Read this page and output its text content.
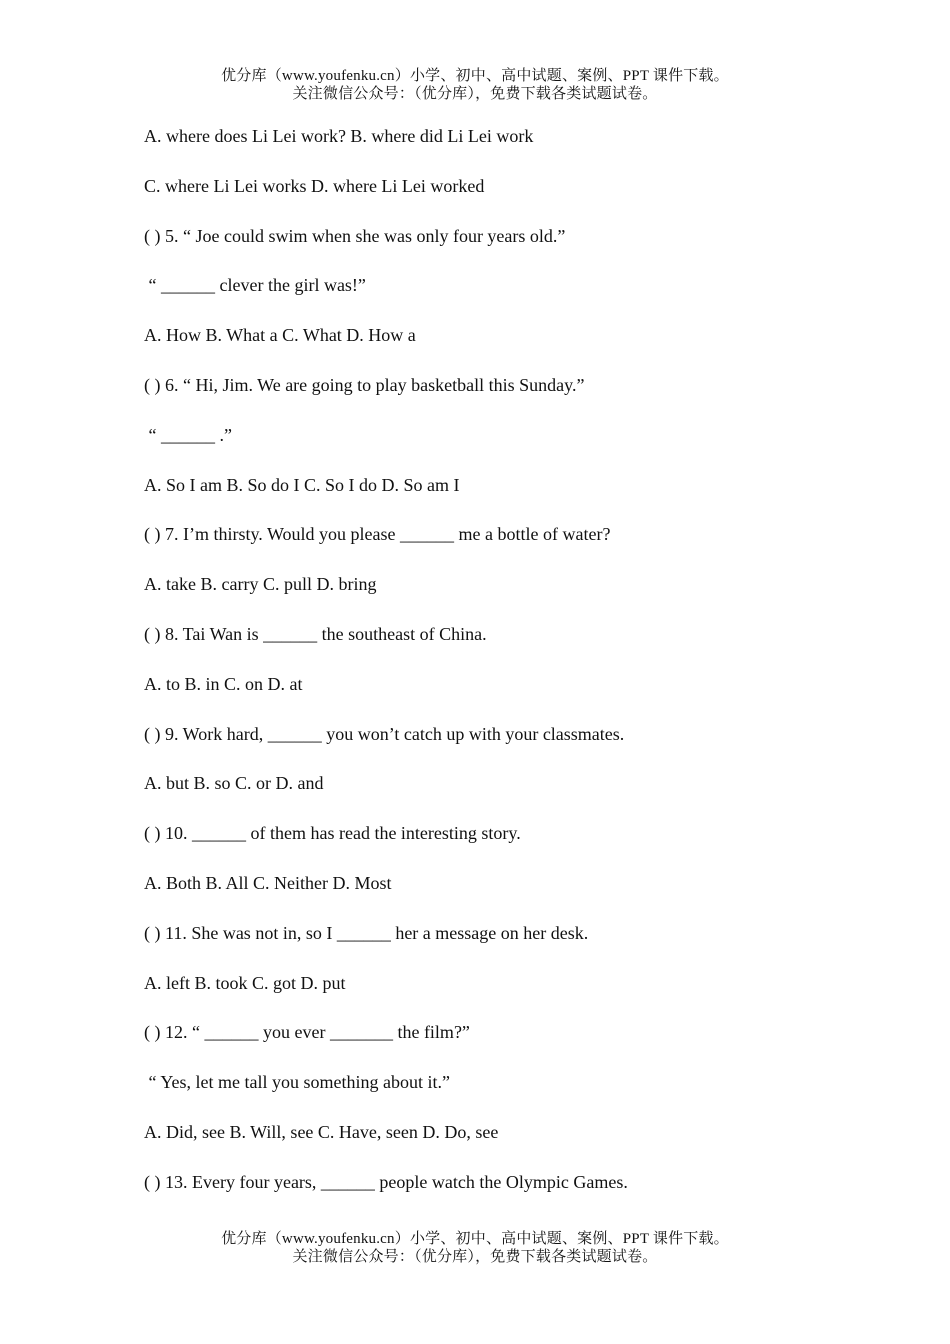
优分库（www.youfenku.cn）小学、初中、高中试题、案例、PPT 课件下载。
关注微信公众号：（优分库），免费下载各类试题试卷。
A. where does Li Lei work? B. where did Li Lei work
C. where Li Lei works D. where Li Lei worked
( ) 5. “ Joe could swim when she was only four years old.”
“ ______ clever the girl was!”
A. How B. What a C. What D. How a
( ) 6. “ Hi, Jim. We are going to play basketball this Sunday.”
“ ______ .”
A. So I am B. So do I C. So I do D. So am I
( ) 7. I’m thirsty. Would you please ______ me a bottle of water?
A. take B. carry C. pull D. bring
( ) 8. Tai Wan is ______ the southeast of China.
A. to B. in C. on D. at
( ) 9. Work hard, ______ you won’t catch up with your classmates.
A. but B. so C. or D. and
( ) 10. ______ of them has read the interesting story.
A. Both B. All C. Neither D. Most
( ) 11. She was not in, so I ______ her a message on her desk.
A. left B. took C. got D. put
( ) 12. “ ______ you ever _______ the film?”
“ Yes, let me tall you something about it.”
A. Did, see B. Will, see C. Have, seen D. Do, see
( ) 13. Every four years, ______ people watch the Olympic Games.
优分库（www.youfenku.cn）小学、初中、高中试题、案例、PPT 课件下载。
关注微信公众号：（优分库），免费下载各类试题试卷。
